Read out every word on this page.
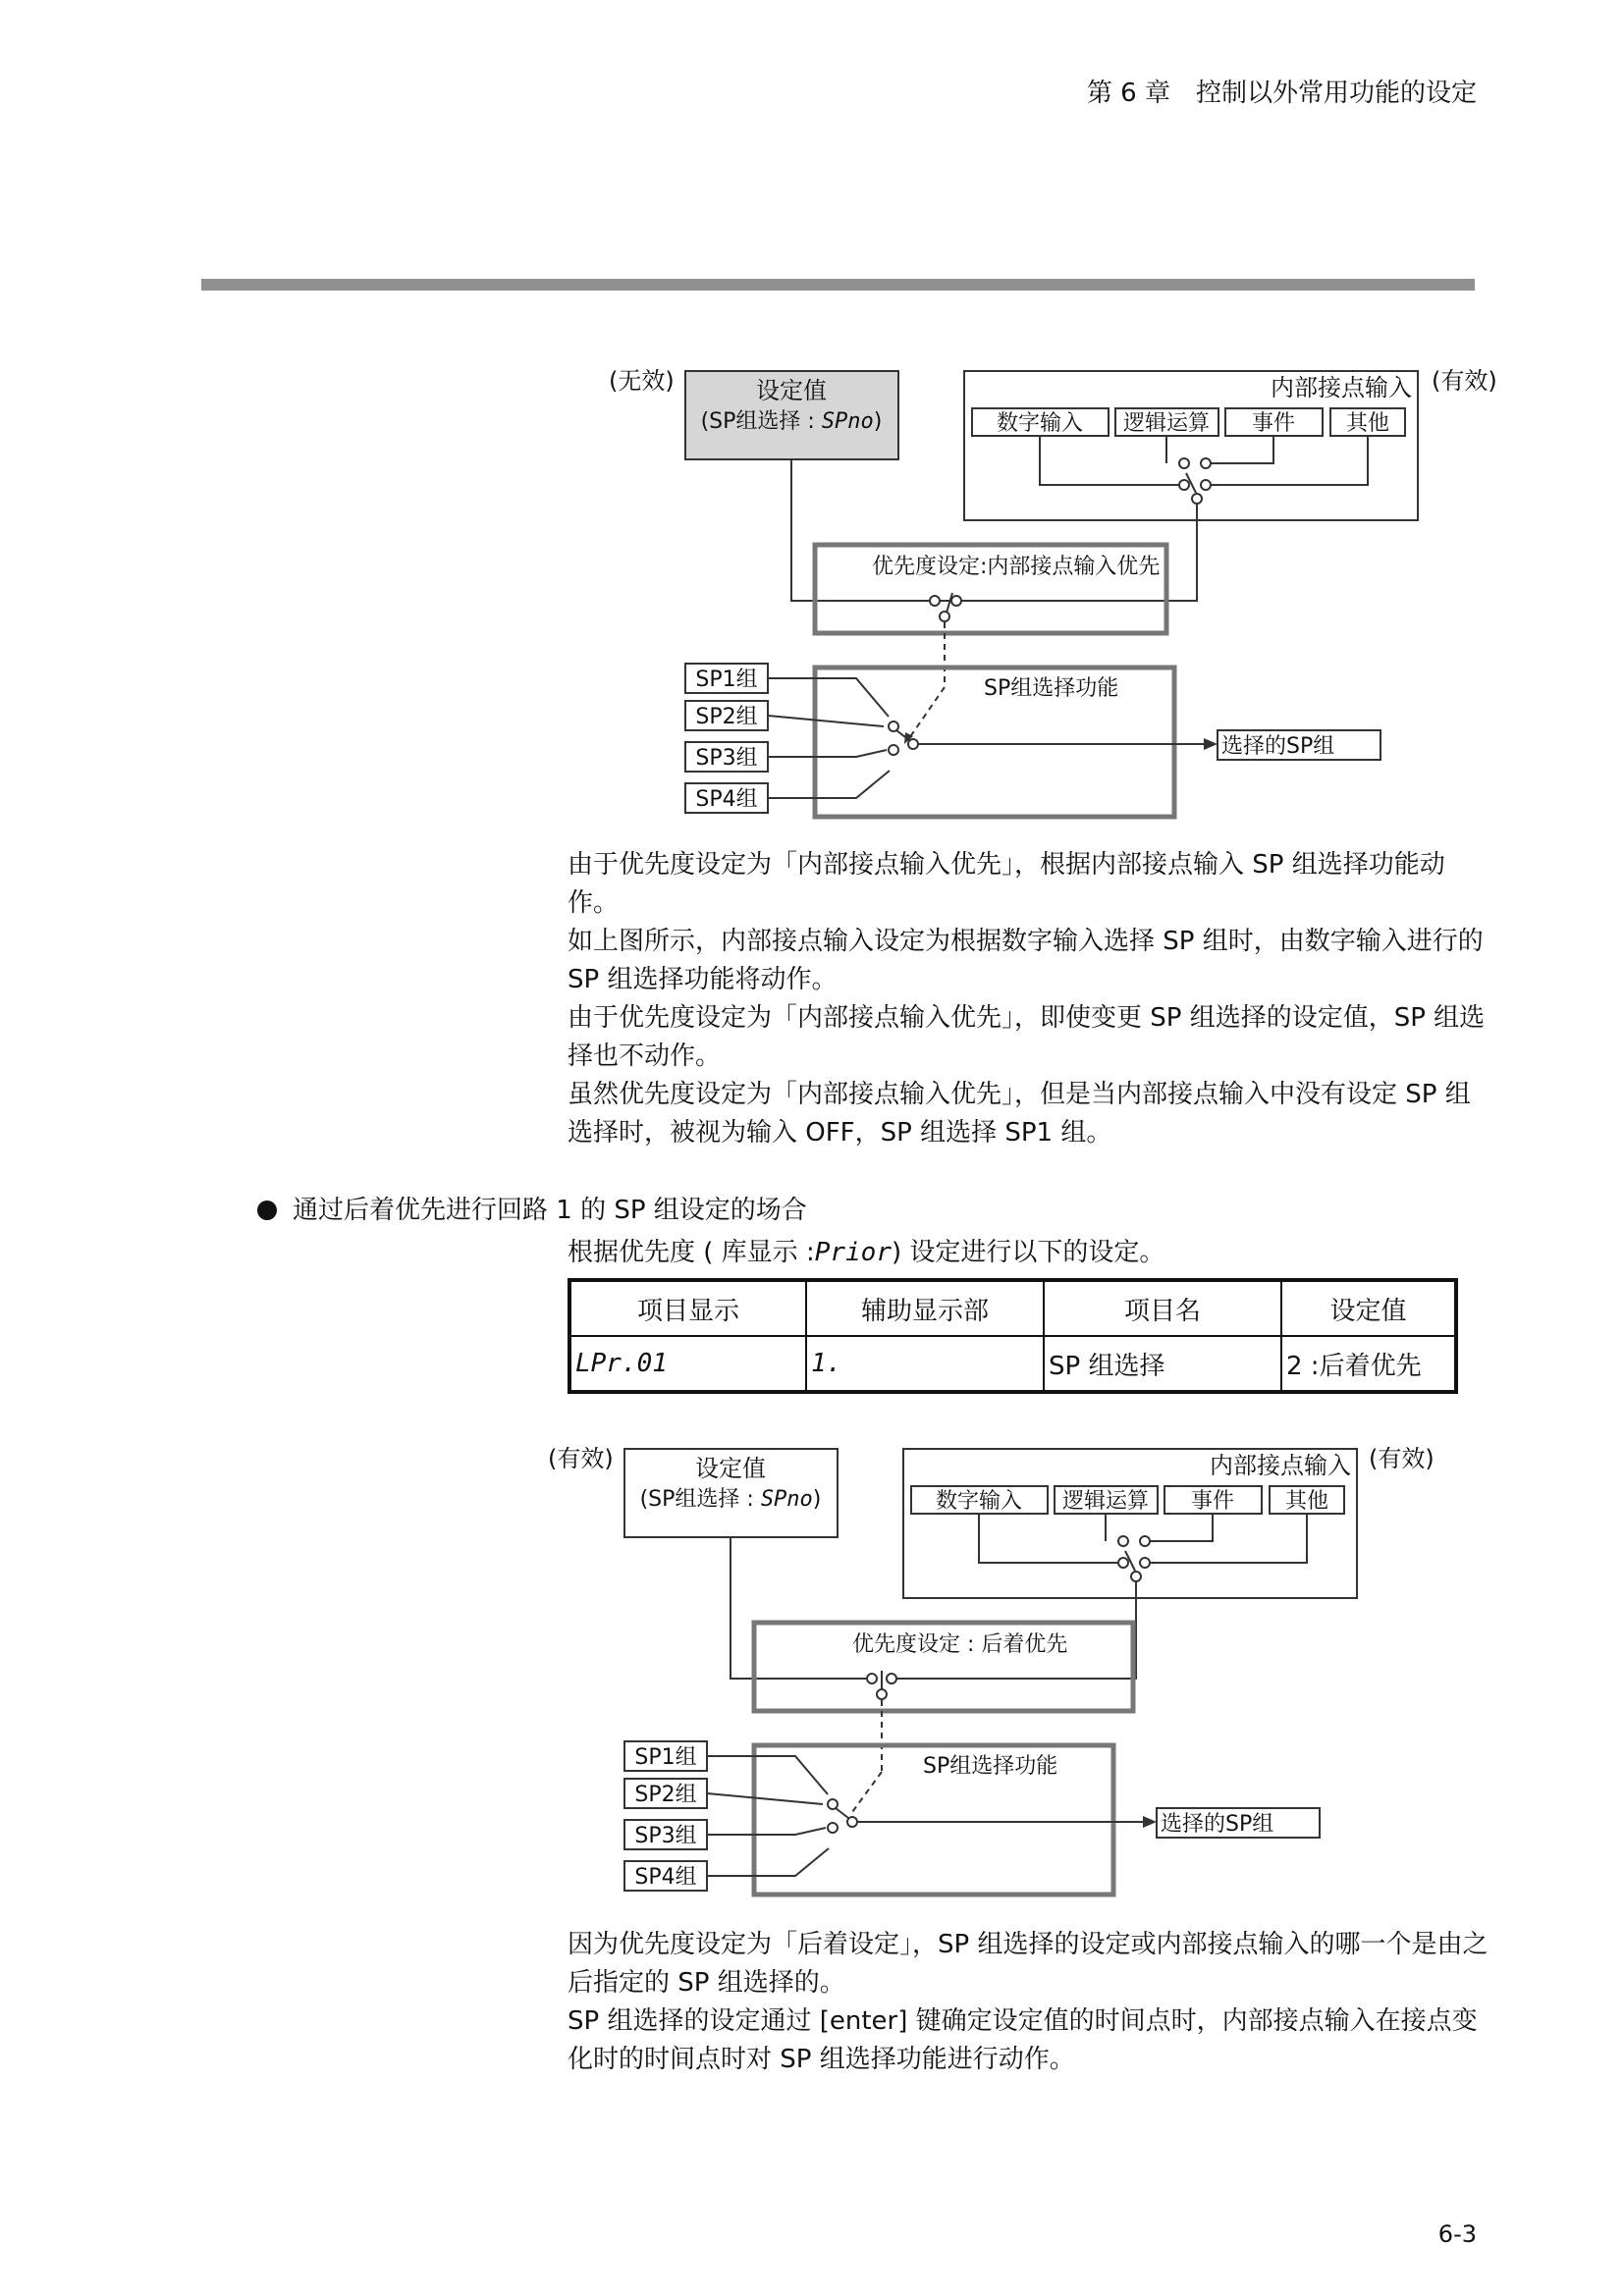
第 6 章　控制以外常用功能的设定
(无效)	(有效)
设定值
(SP组选择 : SPno)
内部接点输入
数字输入 逻辑运算 事件 其他
优先度设定:内部接点输入优先
SP组选择功能
SP1组
SP2组
SP3组
SP4组
选择的SP组

由于优先度设定为「内部接点输入优先」，根据内部接点输入 SP 组选择功能动作。

如上图所示，内部接点输入设定为根据数字输入选择 SP 组时，由数字输入进行的 SP 组选择功能将动作。

由于优先度设定为「内部接点输入优先」，即使变更 SP 组选择的设定值，SP 组选择也不动作。

虽然优先度设定为「内部接点输入优先」，但是当内部接点输入中没有设定 SP 组选择时，被视为输入 OFF，SP 组选择 SP1 组。

通过后着优先进行回路 1 的 SP 组设定的场合
根据优先度 ( 库显示 :Prior) 设定进行以下的设定。
项目显示	辅助显示部	项目名	设定值
LPr.01	1.	SP 组选择	2 :后着优先
(有效)	(有效)
设定值
(SP组选择 : SPno)
内部接点输入
数字输入 逻辑运算 事件 其他
优先度设定 : 后着优先
SP组选择功能
SP1组
SP2组
SP3组
SP4组
选择的SP组

因为优先度设定为「后着设定」，SP 组选择的设定或内部接点输入的哪一个是由之后指定的 SP 组选择的。

SP 组选择的设定通过 [enter] 键确定设定值的时间点时，内部接点输入在接点变化时的时间点时对 SP 组选择功能进行动作。

6-3
